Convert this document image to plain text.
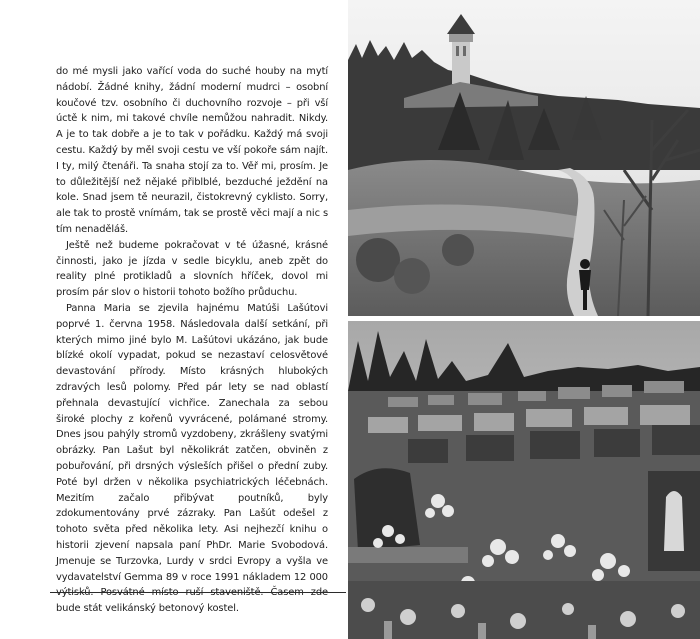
do mé mysli jako vařící voda do suché houby na mytí nádobí. Žádné knihy, žádní moderní mudrci – osobní koučové tzv. osobního či duchovního rozvoje – při vší úctě k nim, mi takové chvíle nemůžou nahradit. Nikdy. A je to tak dobře a je to tak v pořádku. Každý má svoji cestu. Každý by měl svoji cestu ve vší pokoře sám najít. I ty, milý čtenáři. Ta snaha stojí za to. Věř mi, prosím. Je to důležitější než nějaké přiblblé, bezduché ježdění na kole. Snad jsem tě neurazil, čistokrevný cyklisto. Sorry, ale tak to prostě vnímám, tak se prostě věci mají a nic s tím nenaděláš.

Ještě než budeme pokračovat v té úžasné, krásné činnosti, jako je jízda v sedle bicyklu, aneb zpět do reality plné protikladů a slovních hříček, dovol mi prosím pár slov o historii tohoto božího průduchu.

Panna Maria se zjevila hajnému Matúši Lašútovi poprvé 1. června 1958. Následovala další setkání, při kterých mimo jiné bylo M. Lašútovi ukázáno, jak bude blízké okolí vypadat, pokud se nezastaví celosvětové devastování přírody. Místo krásných hlubokých zdravých lesů polomy. Před pár lety se nad oblastí přehnala devastující vichřice. Zanechala za sebou široké plochy z kořenů vyvrácené, polámané stromy. Dnes jsou pahýly stromů vyzdobeny, zkrášleny svatými obrázky. Pan Lašut byl několikrát zatčen, obviněn z pobuřování, při drsných výsleších přišel o přední zuby. Poté byl držen v několika psychiatrických léčebnách. Mezitím začalo přibývat poutníků, byly zdokumentovány prvé zázraky. Pan Lašút odešel z tohoto světa před několika lety. Asi nejhezčí knihu o historii zjevení napsala paní PhDr. Marie Svobodová. Jmenuje se Turzovka, Lurdy v srdci Evropy a vyšla ve vydavatelství Gemma 89 v roce 1991 nákladem 12 000 bude stát velikánský betonový kostel.
